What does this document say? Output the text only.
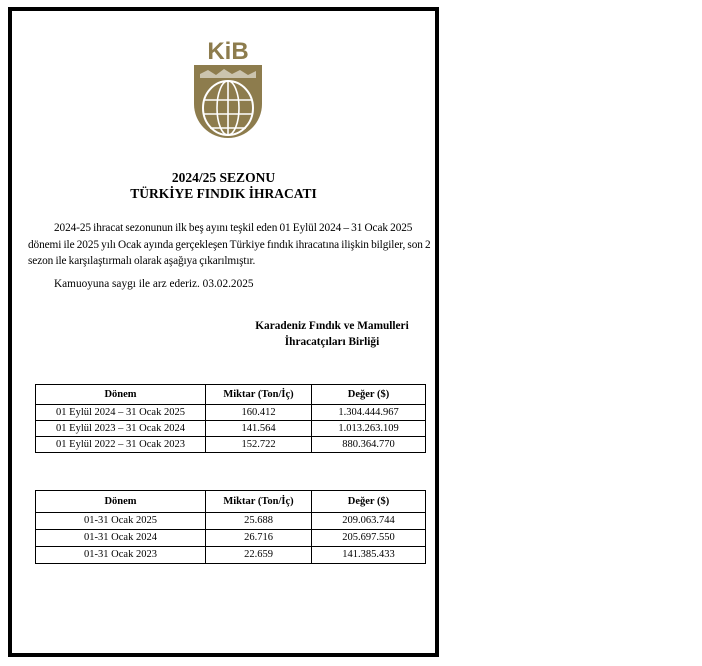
KiB
2024/25 SEZONU
TÜRKİYE FINDIK İHRACATI
2024-25 ihracat sezonunun ilk beş ayını teşkil eden 01 Eylül 2024 – 31 Ocak 2025 dönemi ile 2025 yılı Ocak ayında gerçekleşen Türkiye fındık ihracatına ilişkin bilgiler, son 2 sezon ile karşılaştırmalı olarak aşağıya çıkarılmıştır.
Kamuoyuna saygı ile arz ederiz. 03.02.2025
Karadeniz Fındık ve Mamulleri
İhracatçıları Birliği
Dönem	Miktar (Ton/İç)	Değer ($)
01 Eylül 2024 – 31 Ocak 2025	160.412	1.304.444.967
01 Eylül 2023 – 31 Ocak 2024	141.564	1.013.263.109
01 Eylül 2022 – 31 Ocak 2023	152.722	880.364.770
Dönem	Miktar (Ton/İç)	Değer ($)
01-31 Ocak 2025	25.688	209.063.744
01-31 Ocak 2024	26.716	205.697.550
01-31 Ocak 2023	22.659	141.385.433
